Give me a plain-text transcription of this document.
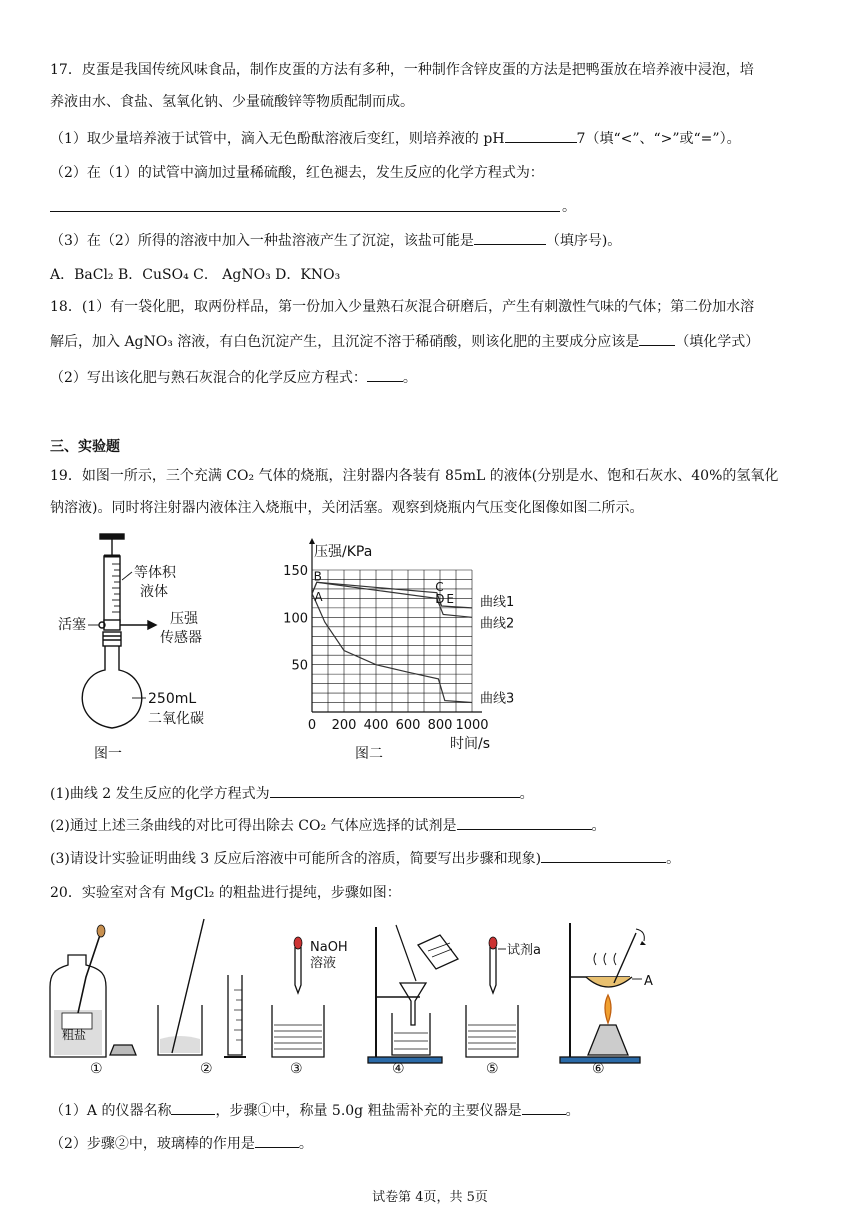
17．皮蛋是我国传统风味食品，制作皮蛋的方法有多种，一种制作含锌皮蛋的方法是把鸭蛋放在培养液中浸泡，培
养液由水、食盐、氢氧化钠、少量硫酸锌等物质配制而成。
（1）取少量培养液于试管中，滴入无色酚酞溶液后变红，则培养液的 pH	7（填“<”、“>”或“=”）。
（2）在（1）的试管中滴加过量稀硫酸，红色褪去，发生反应的化学方程式为：
。
（3）在（2）所得的溶液中加入一种盐溶液产生了沉淀，该盐可能是	（填序号)。
A．BaCl₂ B．CuSO₄ C． AgNO₃ D．KNO₃
18．(1）有一袋化肥，取两份样品，第一份加入少量熟石灰混合研磨后，产生有刺激性气味的气体；第二份加水溶
解后，加入 AgNO₃ 溶液，有白色沉淀产生，且沉淀不溶于稀硝酸，则该化肥的主要成分应该是	（填化学式）
（2）写出该化肥与熟石灰混合的化学反应方程式：	。
三、实验题
19．如图一所示，三个充满 CO₂ 气体的烧瓶，注射器内各装有 85mL 的液体(分别是水、饱和石灰水、40%的氢氧化
钠溶液)。同时将注射器内液体注入烧瓶中，关闭活塞。观察到烧瓶内气压变化图像如图二所示。
等体积
液体
活塞	压强
传感器
250mL
二氧化碳
图一
50
100
150
0 200 400 600 800 1000
压强/KPa
时间/s
曲线1
曲线2
曲线3
A
B
C
D E
图二
(1)曲线 2 发生反应的化学方程式为	。
(2)通过上述三条曲线的对比可得出除去 CO₂ 气体应选择的试剂是	。
(3)请设计实验证明曲线 3 反应后溶液中可能所含的溶质，简要写出步骤和现象)	。
20．实验室对含有 MgCl₂ 的粗盐进行提纯，步骤如图：
粗盐
NaOH
溶液
试剂a
A
①	②	③	④	⑤	⑥
（1）A 的仪器名称	，步骤①中，称量 5.0g 粗盐需补充的主要仪器是	。
（2）步骤②中，玻璃棒的作用是	。
试卷第 4页，共 5页
